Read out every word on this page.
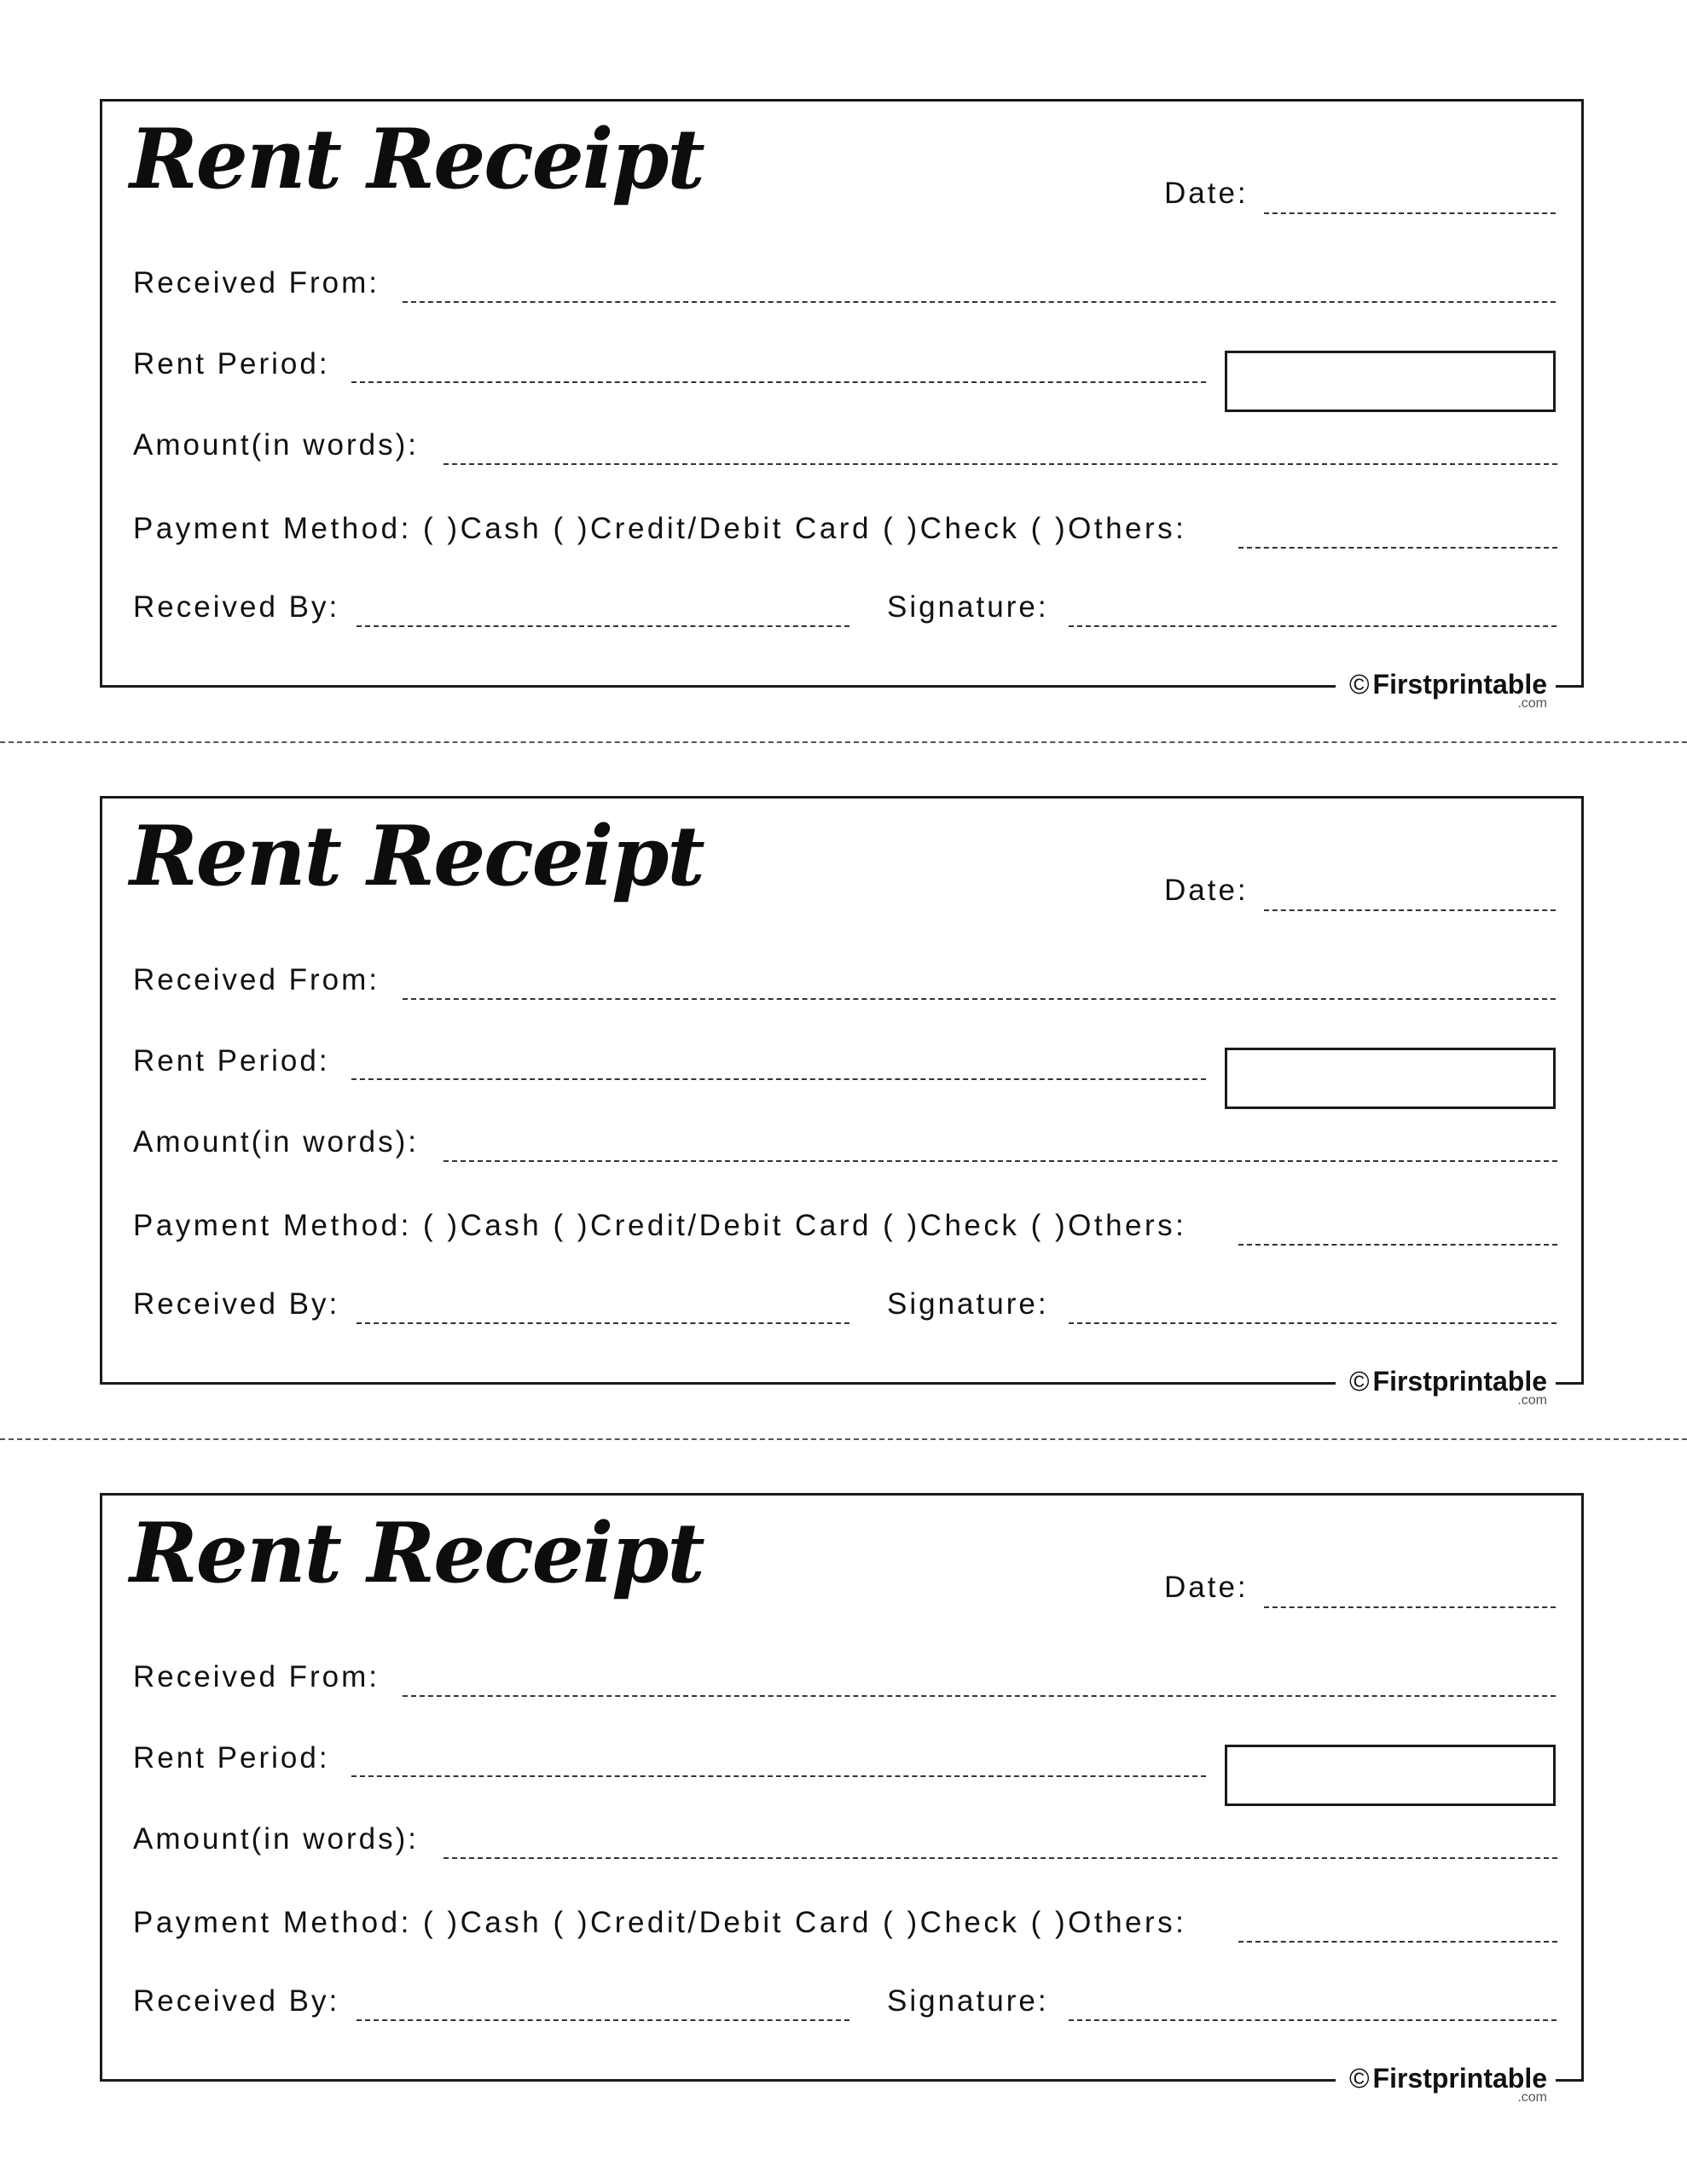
Rent Receipt	Date:
Received From:
Rent Period:
Amount(in words):
Payment Method: ( )Cash ( )Credit/Debit Card ( )Check ( )Others:
Received By:	Signature:
© Firstprintable
.com
Rent Receipt	Date:
Received From:
Rent Period:
Amount(in words):
Payment Method: ( )Cash ( )Credit/Debit Card ( )Check ( )Others:
Received By:	Signature:
© Firstprintable
.com
Rent Receipt	Date:
Received From:
Rent Period:
Amount(in words):
Payment Method: ( )Cash ( )Credit/Debit Card ( )Check ( )Others:
Received By:	Signature:
© Firstprintable
.com
